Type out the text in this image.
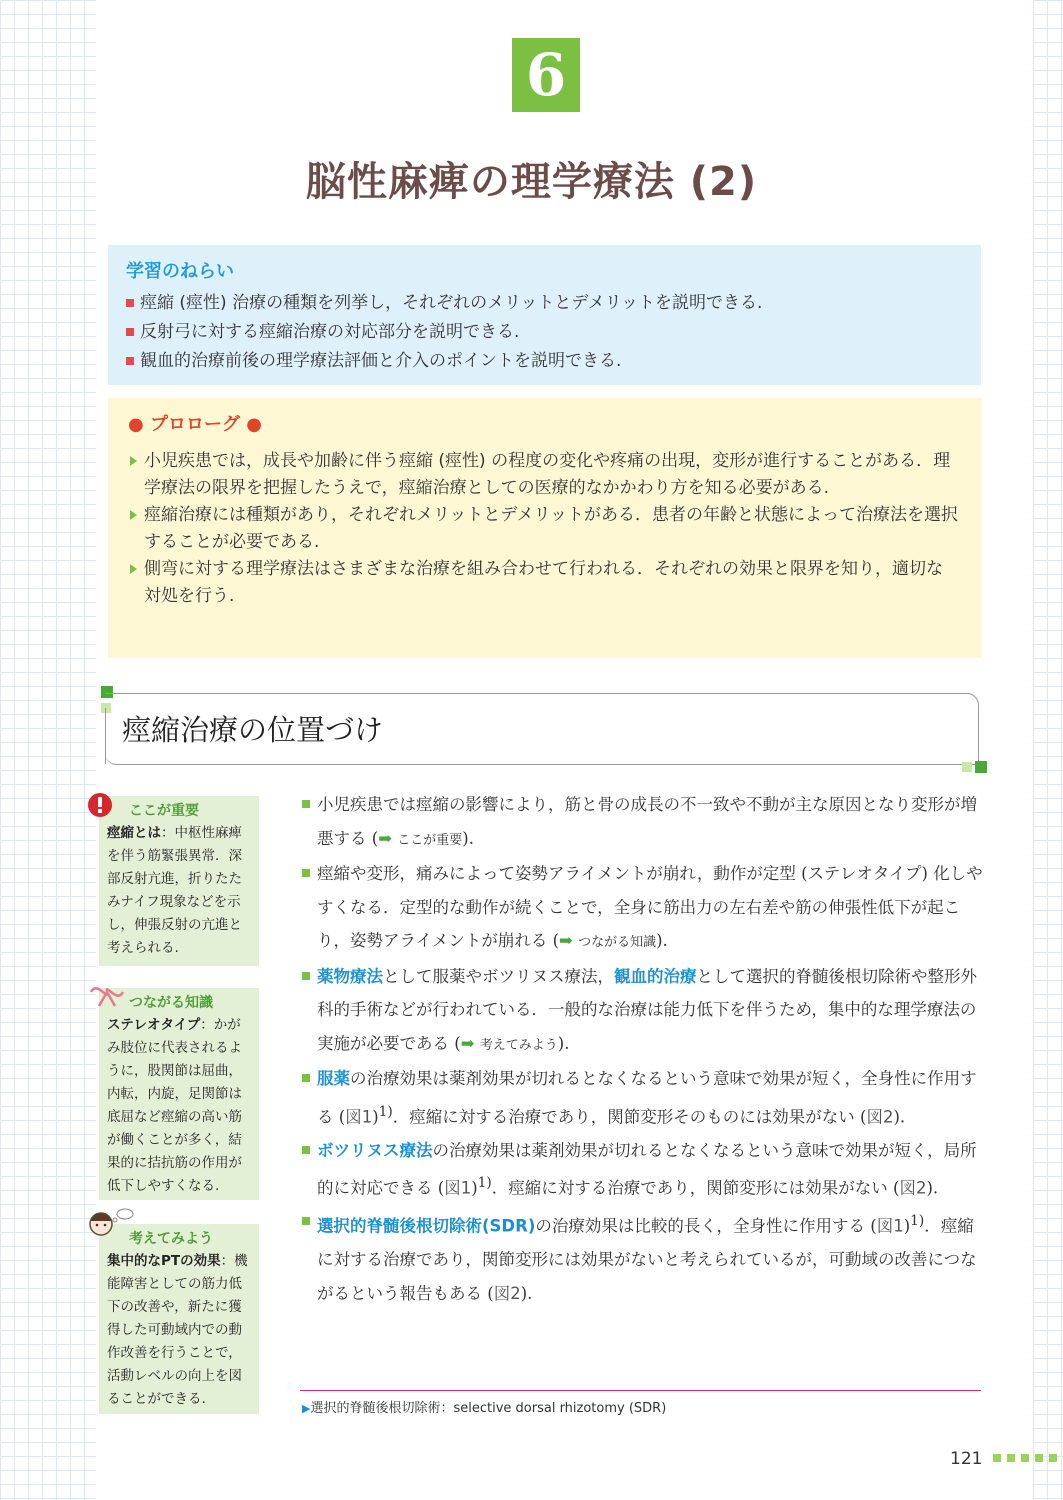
6
脳性麻痺の理学療法 (2)
学習のねらい
痙縮 (痙性) 治療の種類を列挙し，それぞれのメリットとデメリットを説明できる.
反射弓に対する痙縮治療の対応部分を説明できる.
観血的治療前後の理学療法評価と介入のポイントを説明できる.
● プロローグ ●
小児疾患では，成長や加齢に伴う痙縮 (痙性) の程度の変化や疼痛の出現，変形が進行することがある．理学療法の限界を把握したうえで，痙縮治療としての医療的なかかわり方を知る必要がある.
痙縮治療には種類があり，それぞれメリットとデメリットがある．患者の年齢と状態によって治療法を選択することが必要である.
側弯に対する理学療法はさまざまな治療を組み合わせて行われる．それぞれの効果と限界を知り，適切な対処を行う.
痙縮治療の位置づけ
ここが重要
痙縮とは：中枢性麻痺を伴う筋緊張異常．深部反射亢進，折りたたみナイフ現象などを示し，伸張反射の亢進と考えられる.
つながる知識
ステレオタイプ：かがみ肢位に代表されるように，股関節は屈曲，内転，内旋，足関節は底屈など痙縮の高い筋が働くことが多く，結果的に拮抗筋の作用が低下しやすくなる.
考えてみよう
集中的なPTの効果：機能障害としての筋力低下の改善や，新たに獲得した可動域内での動作改善を行うことで，活動レベルの向上を図ることができる.
小児疾患では痙縮の影響により，筋と骨の成長の不一致や不動が主な原因となり変形が増悪する (➡ ここが重要).
痙縮や変形，痛みによって姿勢アライメントが崩れ，動作が定型 (ステレオタイプ) 化しやすくなる．定型的な動作が続くことで，全身に筋出力の左右差や筋の伸張性低下が起こり，姿勢アライメントが崩れる (➡ つながる知識).
薬物療法として服薬やボツリヌス療法，観血的治療として選択的脊髄後根切除術や整形外科的手術などが行われている．一般的な治療は能力低下を伴うため，集中的な理学療法の実施が必要である (➡ 考えてみよう).
服薬の治療効果は薬剤効果が切れるとなくなるという意味で効果が短く，全身性に作用する (図1)$^{1)}$．痙縮に対する治療であり，関節変形そのものには効果がない (図2).
ボツリヌス療法の治療効果は薬剤効果が切れるとなくなるという意味で効果が短く，局所的に対応できる (図1)$^{1)}$．痙縮に対する治療であり，関節変形には効果がない (図2).
選択的脊髄後根切除術(SDR)の治療効果は比較的長く，全身性に作用する (図1)$^{1)}$．痙縮に対する治療であり，関節変形には効果がないと考えられているが，可動域の改善につながるという報告もある (図2).
▶選択的脊髄後根切除術：selective dorsal rhizotomy (SDR)
121
